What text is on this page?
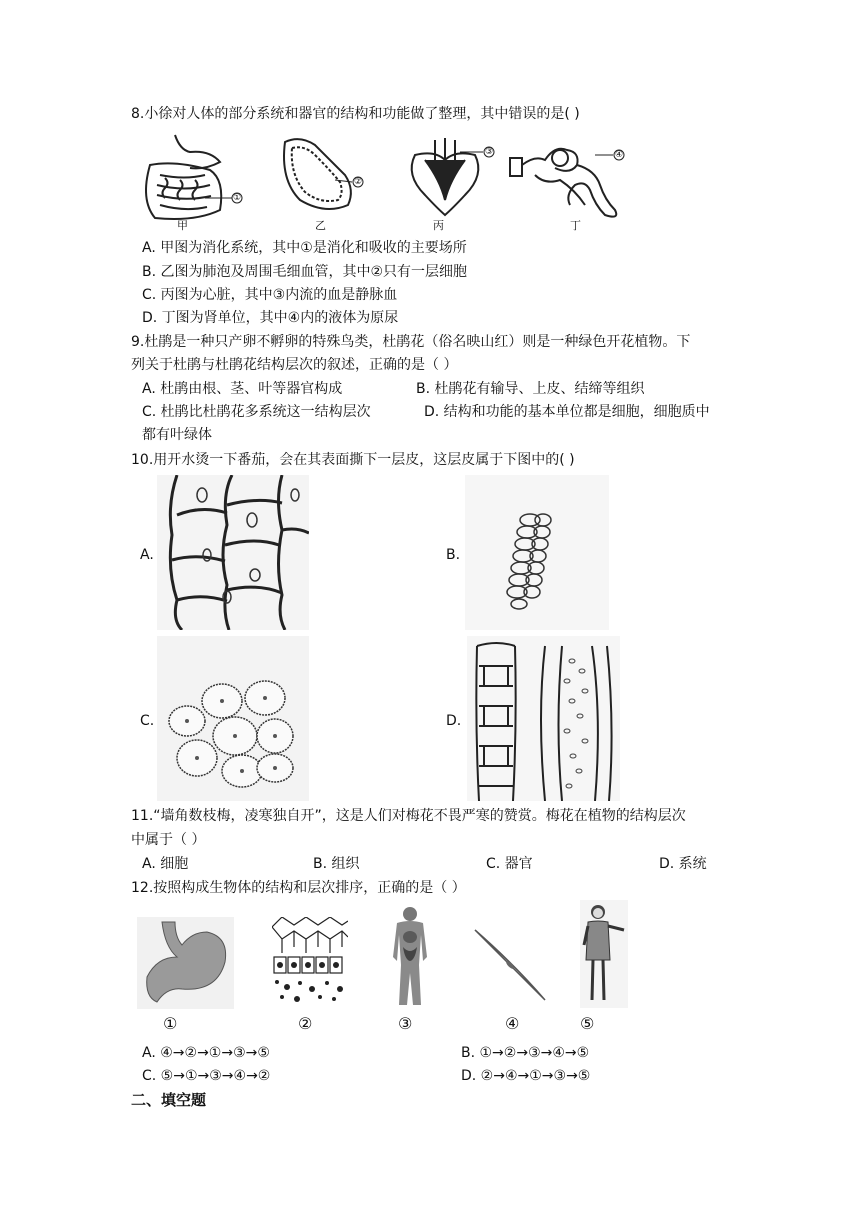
8.小徐对人体的部分系统和器官的结构和功能做了整理，其中错误的是( )
①
甲
②
乙
③
丙
④
丁
A. 甲图为消化系统，其中①是消化和吸收的主要场所
B. 乙图为肺泡及周围毛细血管，其中②只有一层细胞
C. 丙图为心脏，其中③内流的血是静脉血
D. 丁图为肾单位，其中④内的液体为原尿
9.杜鹃是一种只产卵不孵卵的特殊鸟类，杜鹃花（俗名映山红）则是一种绿色开花植物。下
列关于杜鹃与杜鹃花结构层次的叙述，正确的是（ ）
A. 杜鹃由根、茎、叶等器官构成	B. 杜鹃花有输导、上皮、结缔等组织
C. 杜鹃比杜鹃花多系统这一结构层次	D. 结构和功能的基本单位都是细胞，细胞质中
都有叶绿体
10.用开水烫一下番茄，会在其表面撕下一层皮，这层皮属于下图中的( )
A.	B.
C.	D.
11.“墙角数枝梅，凌寒独自开”，这是人们对梅花不畏严寒的赞赏。梅花在植物的结构层次
中属于（ ）
A. 细胞	B. 组织	C. 器官	D. 系统
12.按照构成生物体的结构和层次排序，正确的是（ ）
①	②	③	④	⑤
A. ④→②→①→③→⑤	B. ①→②→③→④→⑤
C. ⑤→①→③→④→②	D. ②→④→①→③→⑤
二、填空题
